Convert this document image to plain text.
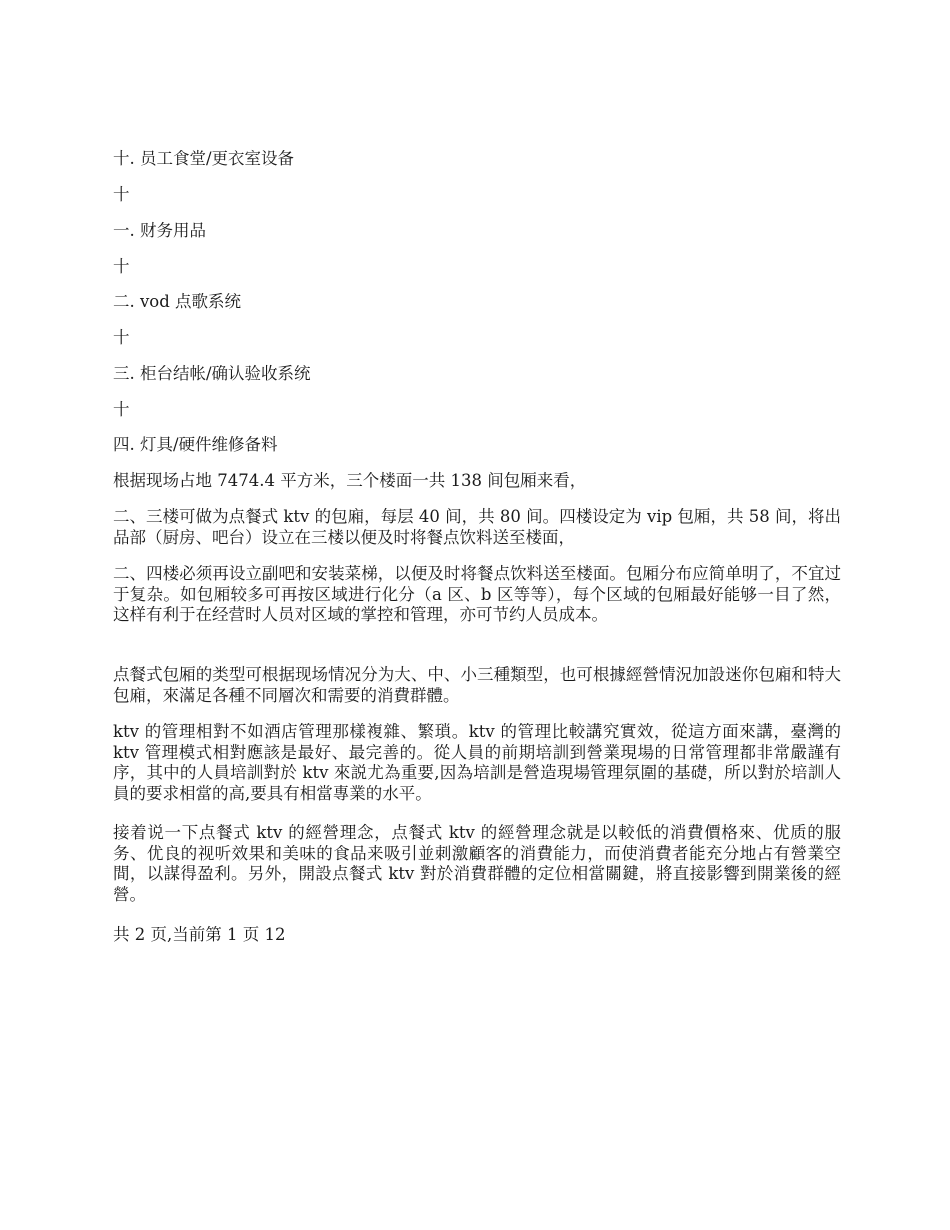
十. 员工食堂/更衣室设备

十

一. 财务用品

十

二. vod 点歌系统

十

三. 柜台结帐/确认验收系统

十

四. 灯具/硬件维修备料

根据现场占地 7474.4 平方米，三个楼面一共 138 间包厢来看，

二、三楼可做为点餐式 ktv 的包廂，每层 40 间，共 80 间。四楼设定为 vip 包厢，共 58 间，将出品部（厨房、吧台）设立在三楼以便及时将餐点饮料送至楼面，

二、四楼必须再设立副吧和安装菜梯，以便及时将餐点饮料送至楼面。包厢分布应简单明了，不宜过于复杂。如包厢较多可再按区域进行化分（a 区、b 区等等），每个区域的包厢最好能够一目了然，这样有利于在经营时人员对区域的掌控和管理，亦可节约人员成本。

点餐式包厢的类型可根据现场情况分为大、中、小三種類型，也可根據經營情況加設迷你包廂和特大包廂，來滿足各種不同層次和需要的消費群體。

ktv 的管理相對不如酒店管理那樣複雜、繁瑣。ktv 的管理比較講究實效，從這方面來講，臺灣的 ktv 管理模式相對應該是最好、最完善的。從人員的前期培訓到營業現場的日常管理都非常嚴謹有序，其中的人員培訓對於 ktv 來説尤為重要,因為培訓是營造現場管理氛圍的基礎，所以對於培訓人員的要求相當的高,要具有相當專業的水平。

接着说一下点餐式 ktv 的經營理念，点餐式 ktv 的經營理念就是以較低的消費價格來、优质的服务、优良的视听效果和美味的食品来吸引並刺激顧客的消費能力，而使消費者能充分地占有營業空間，以謀得盈利。另外，開設点餐式 ktv 對於消費群體的定位相當關鍵，將直接影響到開業後的經營。

共 2 页,当前第 1 页 12
